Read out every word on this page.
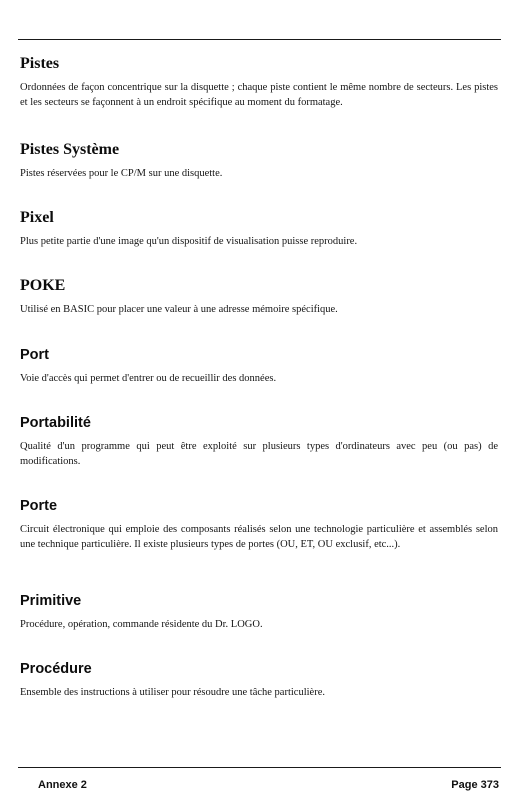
Pistes

Ordonnées de façon concentrique sur la disquette ; chaque piste contient le même nombre de secteurs. Les pistes et les secteurs se façonnent à un endroit spécifique au moment du formatage.

Pistes Système

Pistes réservées pour le CP/M sur une disquette.

Pixel

Plus petite partie d'une image qu'un dispositif de visualisation puisse reproduire.

POKE

Utilisé en BASIC pour placer une valeur à une adresse mémoire spécifique.

Port

Voie d'accès qui permet d'entrer ou de recueillir des données.

Portabilité

Qualité d'un programme qui peut être exploité sur plusieurs types d'ordinateurs avec peu (ou pas) de modifications.

Porte

Circuit électronique qui emploie des composants réalisés selon une technologie particulière et assemblés selon une technique particulière. Il existe plusieurs types de portes (OU, ET, OU exclusif, etc...).

Primitive

Procédure, opération, commande résidente du Dr. LOGO.

Procédure

Ensemble des instructions à utiliser pour résoudre une tâche particulière.

Annexe 2	Page 373
